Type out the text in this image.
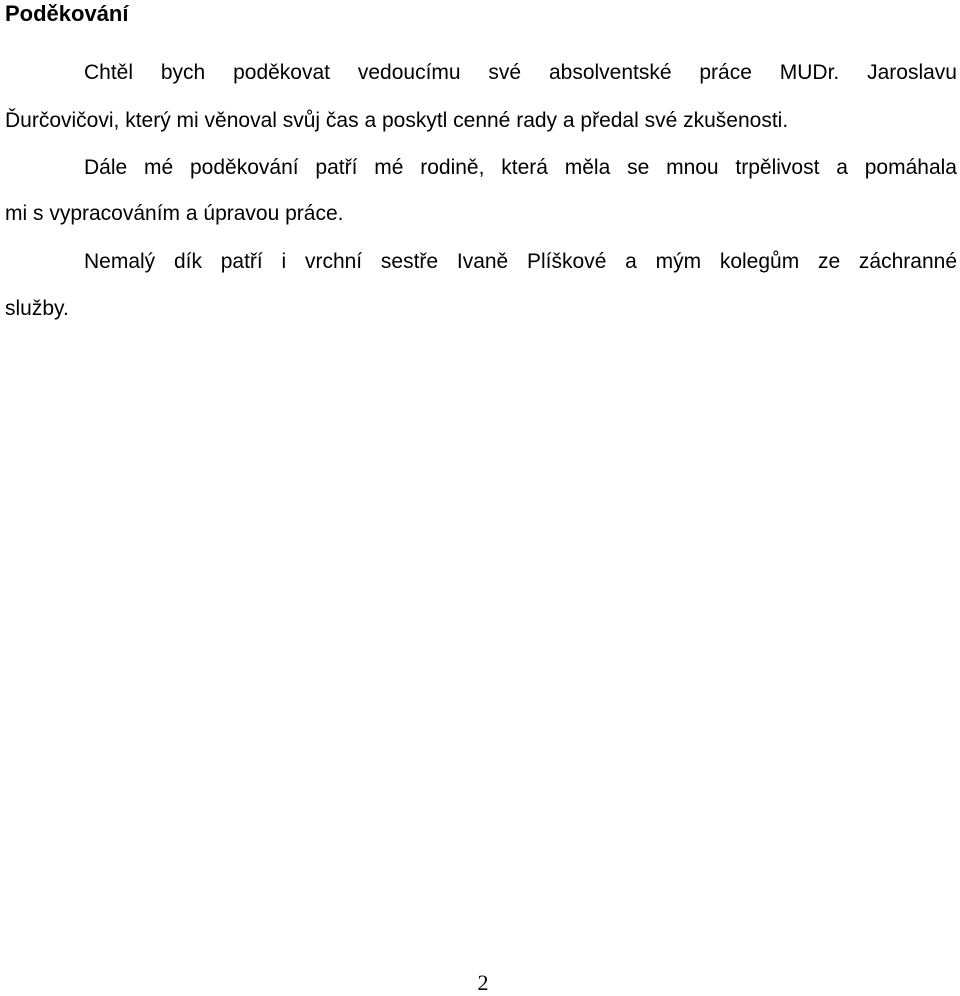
Poděkování

Chtěl bych poděkovat vedoucímu své absolventské práce MUDr. Jaroslavu

Ďurčovičovi, který mi věnoval svůj čas a poskytl cenné rady a předal své zkušenosti.

Dále mé poděkování patří mé rodině, která měla se mnou trpělivost a pomáhala

mi s vypracováním a úpravou práce.

Nemalý dík patří i vrchní sestře Ivaně Plíškové a mým kolegům ze záchranné

služby.

2
